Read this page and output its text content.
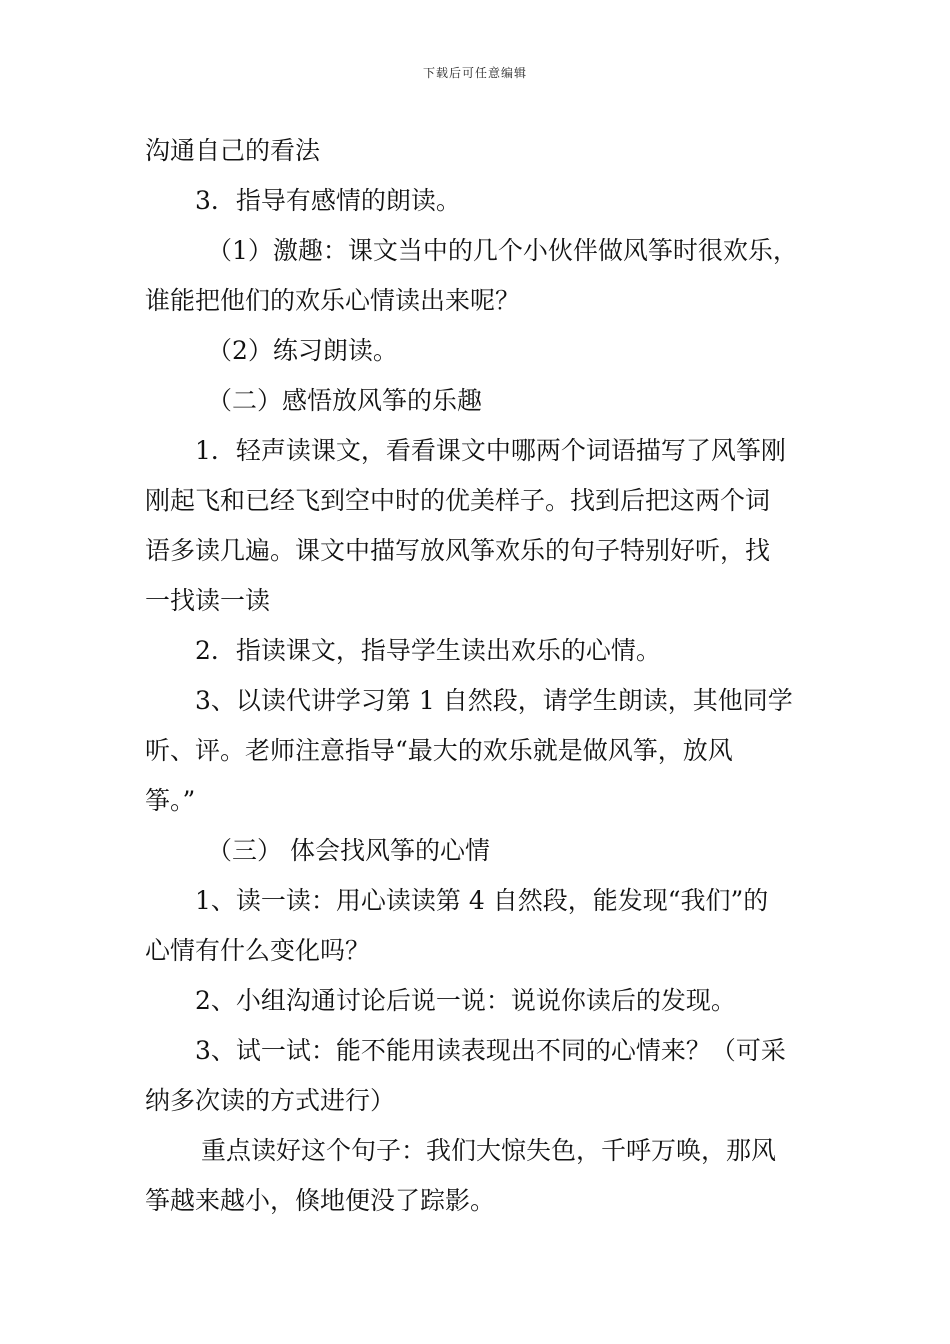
下载后可任意编辑

沟通自己的看法

3．指导有感情的朗读。

（1）激趣：课文当中的几个小伙伴做风筝时很欢乐，

谁能把他们的欢乐心情读出来呢？

（2）练习朗读。

（二）感悟放风筝的乐趣

1．轻声读课文，看看课文中哪两个词语描写了风筝刚

刚起飞和已经飞到空中时的优美样子。找到后把这两个词

语多读几遍。课文中描写放风筝欢乐的句子特别好听，找

一找读一读

2．指读课文，指导学生读出欢乐的心情。

3、以读代讲学习第 1 自然段，请学生朗读，其他同学

听、评。老师注意指导“最大的欢乐就是做风筝，放风

筝。”

（三） 体会找风筝的心情

1、读一读：用心读读第 4 自然段，能发现“我们”的

心情有什么变化吗？

2、小组沟通讨论后说一说：说说你读后的发现。

3、试一试：能不能用读表现出不同的心情来？（可采

纳多次读的方式进行）

重点读好这个句子：我们大惊失色，千呼万唤，那风

筝越来越小，倏地便没了踪影。
